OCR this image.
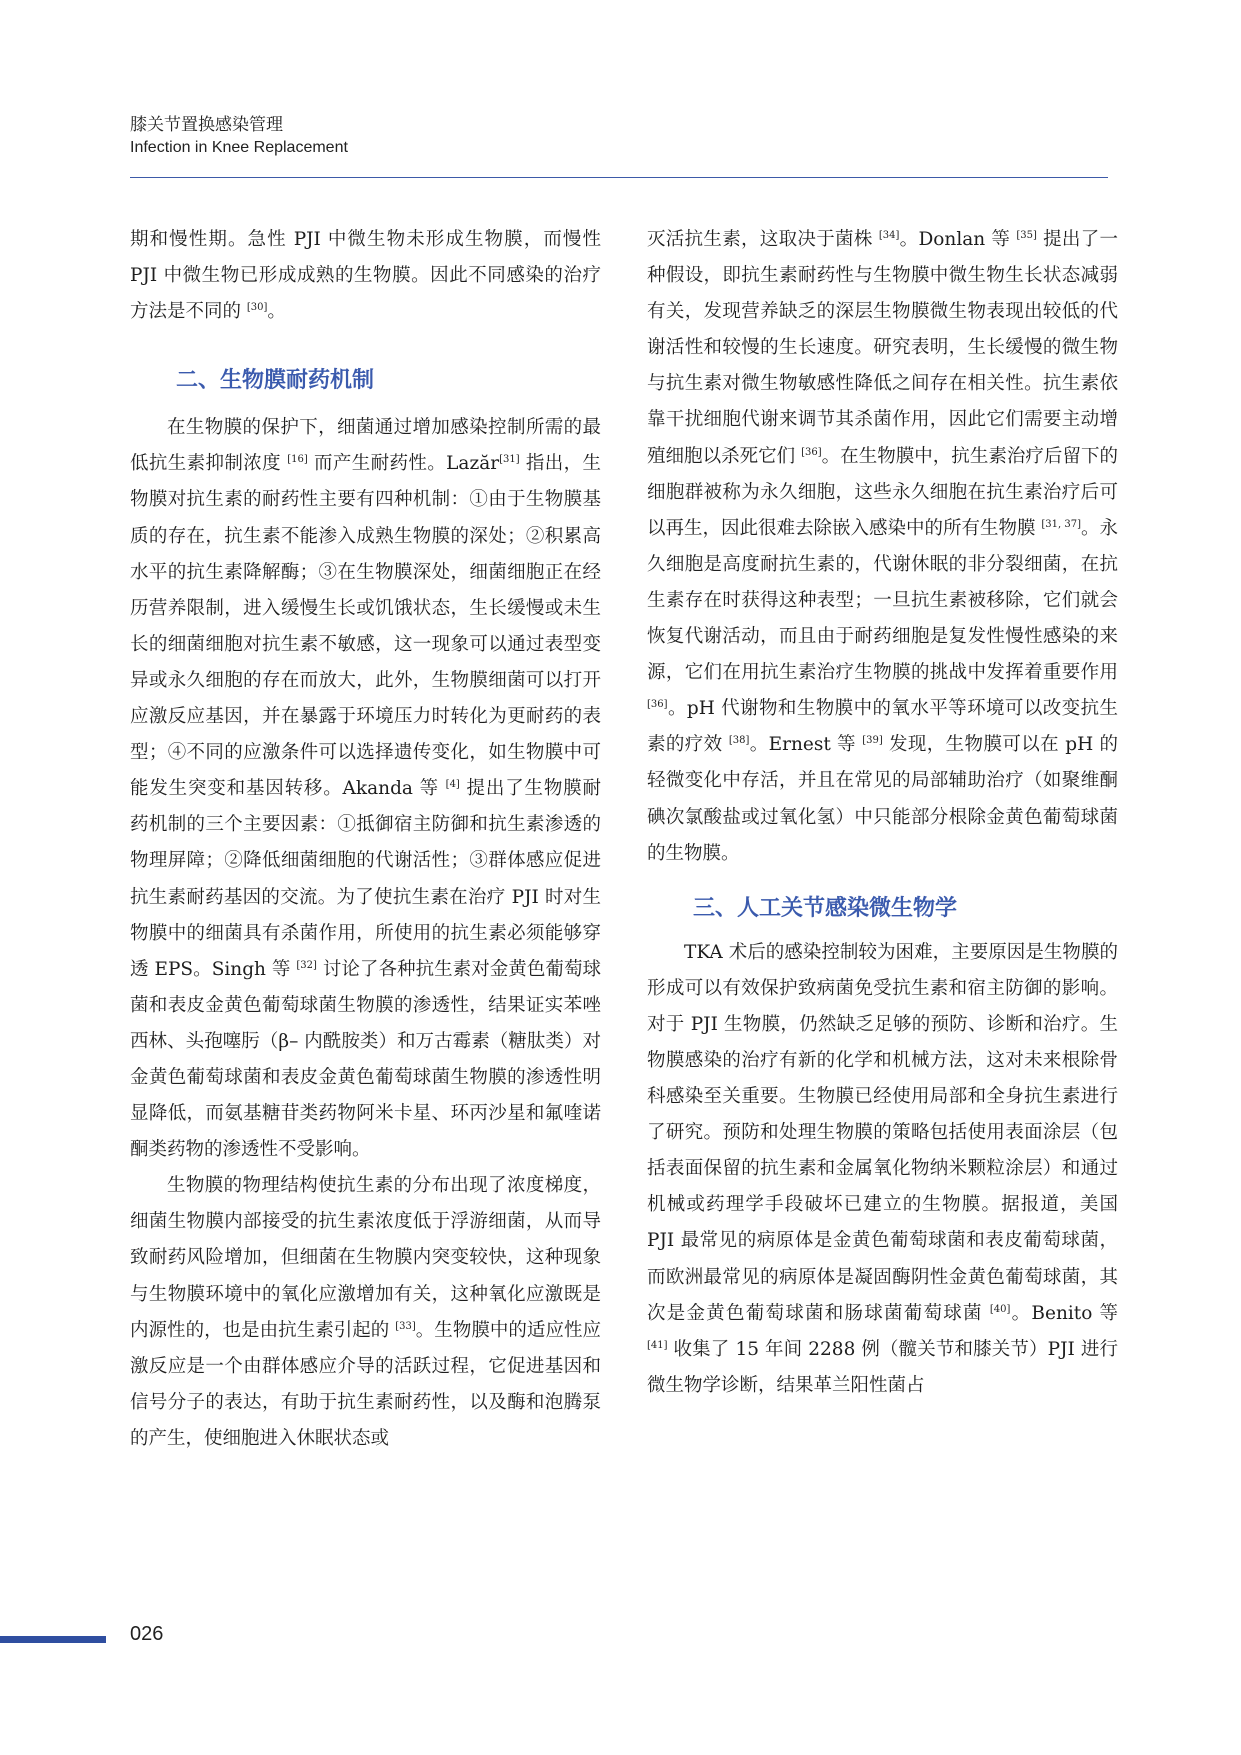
膝关节置换感染管理
Infection in Knee Replacement

期和慢性期。急性 PJI 中微生物未形成生物膜，而慢性 PJI 中微生物已形成成熟的生物膜。因此不同感染的治疗方法是不同的 [30]。

二、生物膜耐药机制

在生物膜的保护下，细菌通过增加感染控制所需的最低抗生素抑制浓度 [16] 而产生耐药性。Lazăr[31] 指出，生物膜对抗生素的耐药性主要有四种机制：①由于生物膜基质的存在，抗生素不能渗入成熟生物膜的深处；②积累高水平的抗生素降解酶；③在生物膜深处，细菌细胞正在经历营养限制，进入缓慢生长或饥饿状态，生长缓慢或未生长的细菌细胞对抗生素不敏感，这一现象可以通过表型变异或永久细胞的存在而放大，此外，生物膜细菌可以打开应激反应基因，并在暴露于环境压力时转化为更耐药的表型；④不同的应激条件可以选择遗传变化，如生物膜中可能发生突变和基因转移。Akanda 等 [4] 提出了生物膜耐药机制的三个主要因素：①抵御宿主防御和抗生素渗透的物理屏障；②降低细菌细胞的代谢活性；③群体感应促进抗生素耐药基因的交流。为了使抗生素在治疗 PJI 时对生物膜中的细菌具有杀菌作用，所使用的抗生素必须能够穿透 EPS。Singh 等 [32] 讨论了各种抗生素对金黄色葡萄球菌和表皮金黄色葡萄球菌生物膜的渗透性，结果证实苯唑西林、头孢噻肟（β– 内酰胺类）和万古霉素（糖肽类）对金黄色葡萄球菌和表皮金黄色葡萄球菌生物膜的渗透性明显降低，而氨基糖苷类药物阿米卡星、环丙沙星和氟喹诺酮类药物的渗透性不受影响。

生物膜的物理结构使抗生素的分布出现了浓度梯度，细菌生物膜内部接受的抗生素浓度低于浮游细菌，从而导致耐药风险增加，但细菌在生物膜内突变较快，这种现象与生物膜环境中的氧化应激增加有关，这种氧化应激既是内源性的，也是由抗生素引起的 [33]。生物膜中的适应性应激反应是一个由群体感应介导的活跃过程，它促进基因和信号分子的表达，有助于抗生素耐药性，以及酶和泡腾泵的产生，使细胞进入休眠状态或

灭活抗生素，这取决于菌株 [34]。Donlan 等 [35] 提出了一种假设，即抗生素耐药性与生物膜中微生物生长状态减弱有关，发现营养缺乏的深层生物膜微生物表现出较低的代谢活性和较慢的生长速度。研究表明，生长缓慢的微生物与抗生素对微生物敏感性降低之间存在相关性。抗生素依靠干扰细胞代谢来调节其杀菌作用，因此它们需要主动增殖细胞以杀死它们 [36]。在生物膜中，抗生素治疗后留下的细胞群被称为永久细胞，这些永久细胞在抗生素治疗后可以再生，因此很难去除嵌入感染中的所有生物膜 [31, 37]。永久细胞是高度耐抗生素的，代谢休眠的非分裂细菌，在抗生素存在时获得这种表型；一旦抗生素被移除，它们就会恢复代谢活动，而且由于耐药细胞是复发性慢性感染的来源，它们在用抗生素治疗生物膜的挑战中发挥着重要作用 [36]。pH 代谢物和生物膜中的氧水平等环境可以改变抗生素的疗效 [38]。Ernest 等 [39] 发现，生物膜可以在 pH 的轻微变化中存活，并且在常见的局部辅助治疗（如聚维酮碘次氯酸盐或过氧化氢）中只能部分根除金黄色葡萄球菌的生物膜。

三、人工关节感染微生物学

TKA 术后的感染控制较为困难，主要原因是生物膜的形成可以有效保护致病菌免受抗生素和宿主防御的影响。对于 PJI 生物膜，仍然缺乏足够的预防、诊断和治疗。生物膜感染的治疗有新的化学和机械方法，这对未来根除骨科感染至关重要。生物膜已经使用局部和全身抗生素进行了研究。预防和处理生物膜的策略包括使用表面涂层（包括表面保留的抗生素和金属氧化物纳米颗粒涂层）和通过机械或药理学手段破坏已建立的生物膜。据报道，美国 PJI 最常见的病原体是金黄色葡萄球菌和表皮葡萄球菌，而欧洲最常见的病原体是凝固酶阴性金黄色葡萄球菌，其次是金黄色葡萄球菌和肠球菌葡萄球菌 [40]。Benito 等 [41] 收集了 15 年间 2288 例（髋关节和膝关节）PJI 进行微生物学诊断，结果革兰阳性菌占

026
